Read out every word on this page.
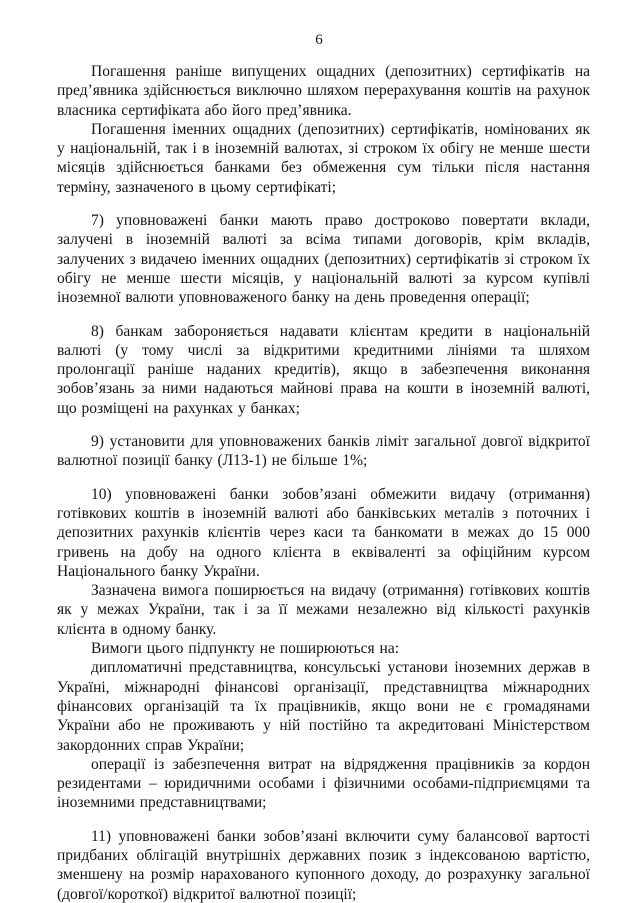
6

Погашення раніше випущених ощадних (депозитних) сертифікатів на пред’явника здійснюється виключно шляхом перерахування коштів на рахунок власника сертифіката або його пред’явника.

Погашення іменних ощадних (депозитних) сертифікатів, номінованих як у національній, так і в іноземній валютах, зі строком їх обігу не менше шести місяців здійснюється банками без обмеження сум тільки після настання терміну, зазначеного в цьому сертифікаті;

7) уповноважені банки мають право достроково повертати вклади, залучені в іноземній валюті за всіма типами договорів, крім вкладів, залучених з видачею іменних ощадних (депозитних) сертифікатів зі строком їх обігу не менше шести місяців, у національній валюті за курсом купівлі іноземної валюти уповноваженого банку на день проведення операції;

8) банкам забороняється надавати клієнтам кредити в національній валюті (у тому числі за відкритими кредитними лініями та шляхом пролонгації раніше наданих кредитів), якщо в забезпечення виконання зобов’язань за ними надаються майнові права на кошти в іноземній валюті, що розміщені на рахунках у банках;

9) установити для уповноважених банків ліміт загальної довгої відкритої валютної позиції банку (Л13-1) не більше 1%;

10) уповноважені банки зобов’язані обмежити видачу (отримання) готівкових коштів в іноземній валюті або банківських металів з поточних і депозитних рахунків клієнтів через каси та банкомати в межах до 15 000 гривень на добу на одного клієнта в еквіваленті за офіційним курсом Національного банку України.

Зазначена вимога поширюється на видачу (отримання) готівкових коштів як у межах України, так і за її межами незалежно від кількості рахунків клієнта в одному банку.

Вимоги цього підпункту не поширюються на:

дипломатичні представництва, консульські установи іноземних держав в Україні, міжнародні фінансові організації, представництва міжнародних фінансових організацій та їх працівників, якщо вони не є громадянами України або не проживають у ній постійно та акредитовані Міністерством закордонних справ України;

операції із забезпечення витрат на відрядження працівників за кордон резидентами – юридичними особами і фізичними особами-підприємцями та іноземними представництвами;

11) уповноважені банки зобов’язані включити суму балансової вартості придбаних облігацій внутрішніх державних позик з індексованою вартістю, зменшену на розмір нарахованого купонного доходу, до розрахунку загальної (довгої/короткої) відкритої валютної позиції;
